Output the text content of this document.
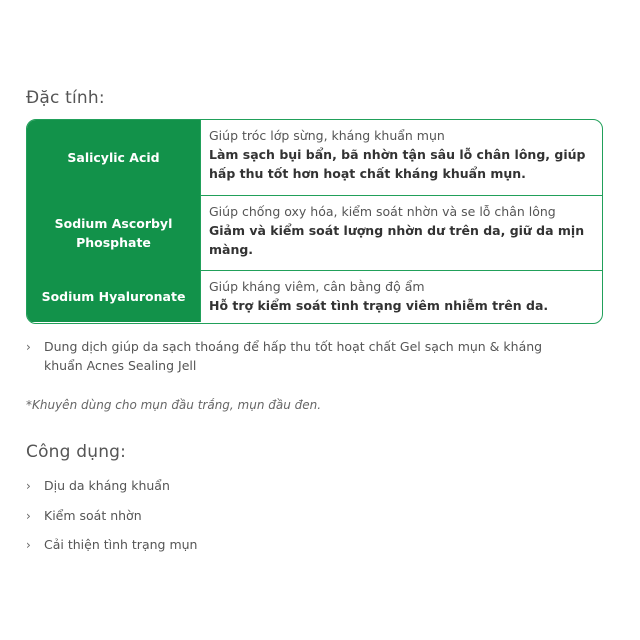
Đặc tính:
Salicylic Acid
Giúp tróc lớp sừng, kháng khuẩn mụn
Làm sạch bụi bẩn, bã nhờn tận sâu lỗ chân lông, giúp hấp thu tốt hơn hoạt chất kháng khuẩn mụn.
Sodium Ascorbyl Phosphate
Giúp chống oxy hóa, kiểm soát nhờn và se lỗ chân lông
Giảm và kiểm soát lượng nhờn dư trên da, giữ da mịn màng.
Sodium Hyaluronate
Giúp kháng viêm, cân bằng độ ẩm
Hỗ trợ kiểm soát tình trạng viêm nhiễm trên da.
› Dung dịch giúp da sạch thoáng để hấp thu tốt hoạt chất Gel sạch mụn & kháng khuẩn Acnes Sealing Jell
*Khuyên dùng cho mụn đầu trắng, mụn đầu đen.
Công dụng:
› Dịu da kháng khuẩn
› Kiểm soát nhờn
› Cải thiện tình trạng mụn
